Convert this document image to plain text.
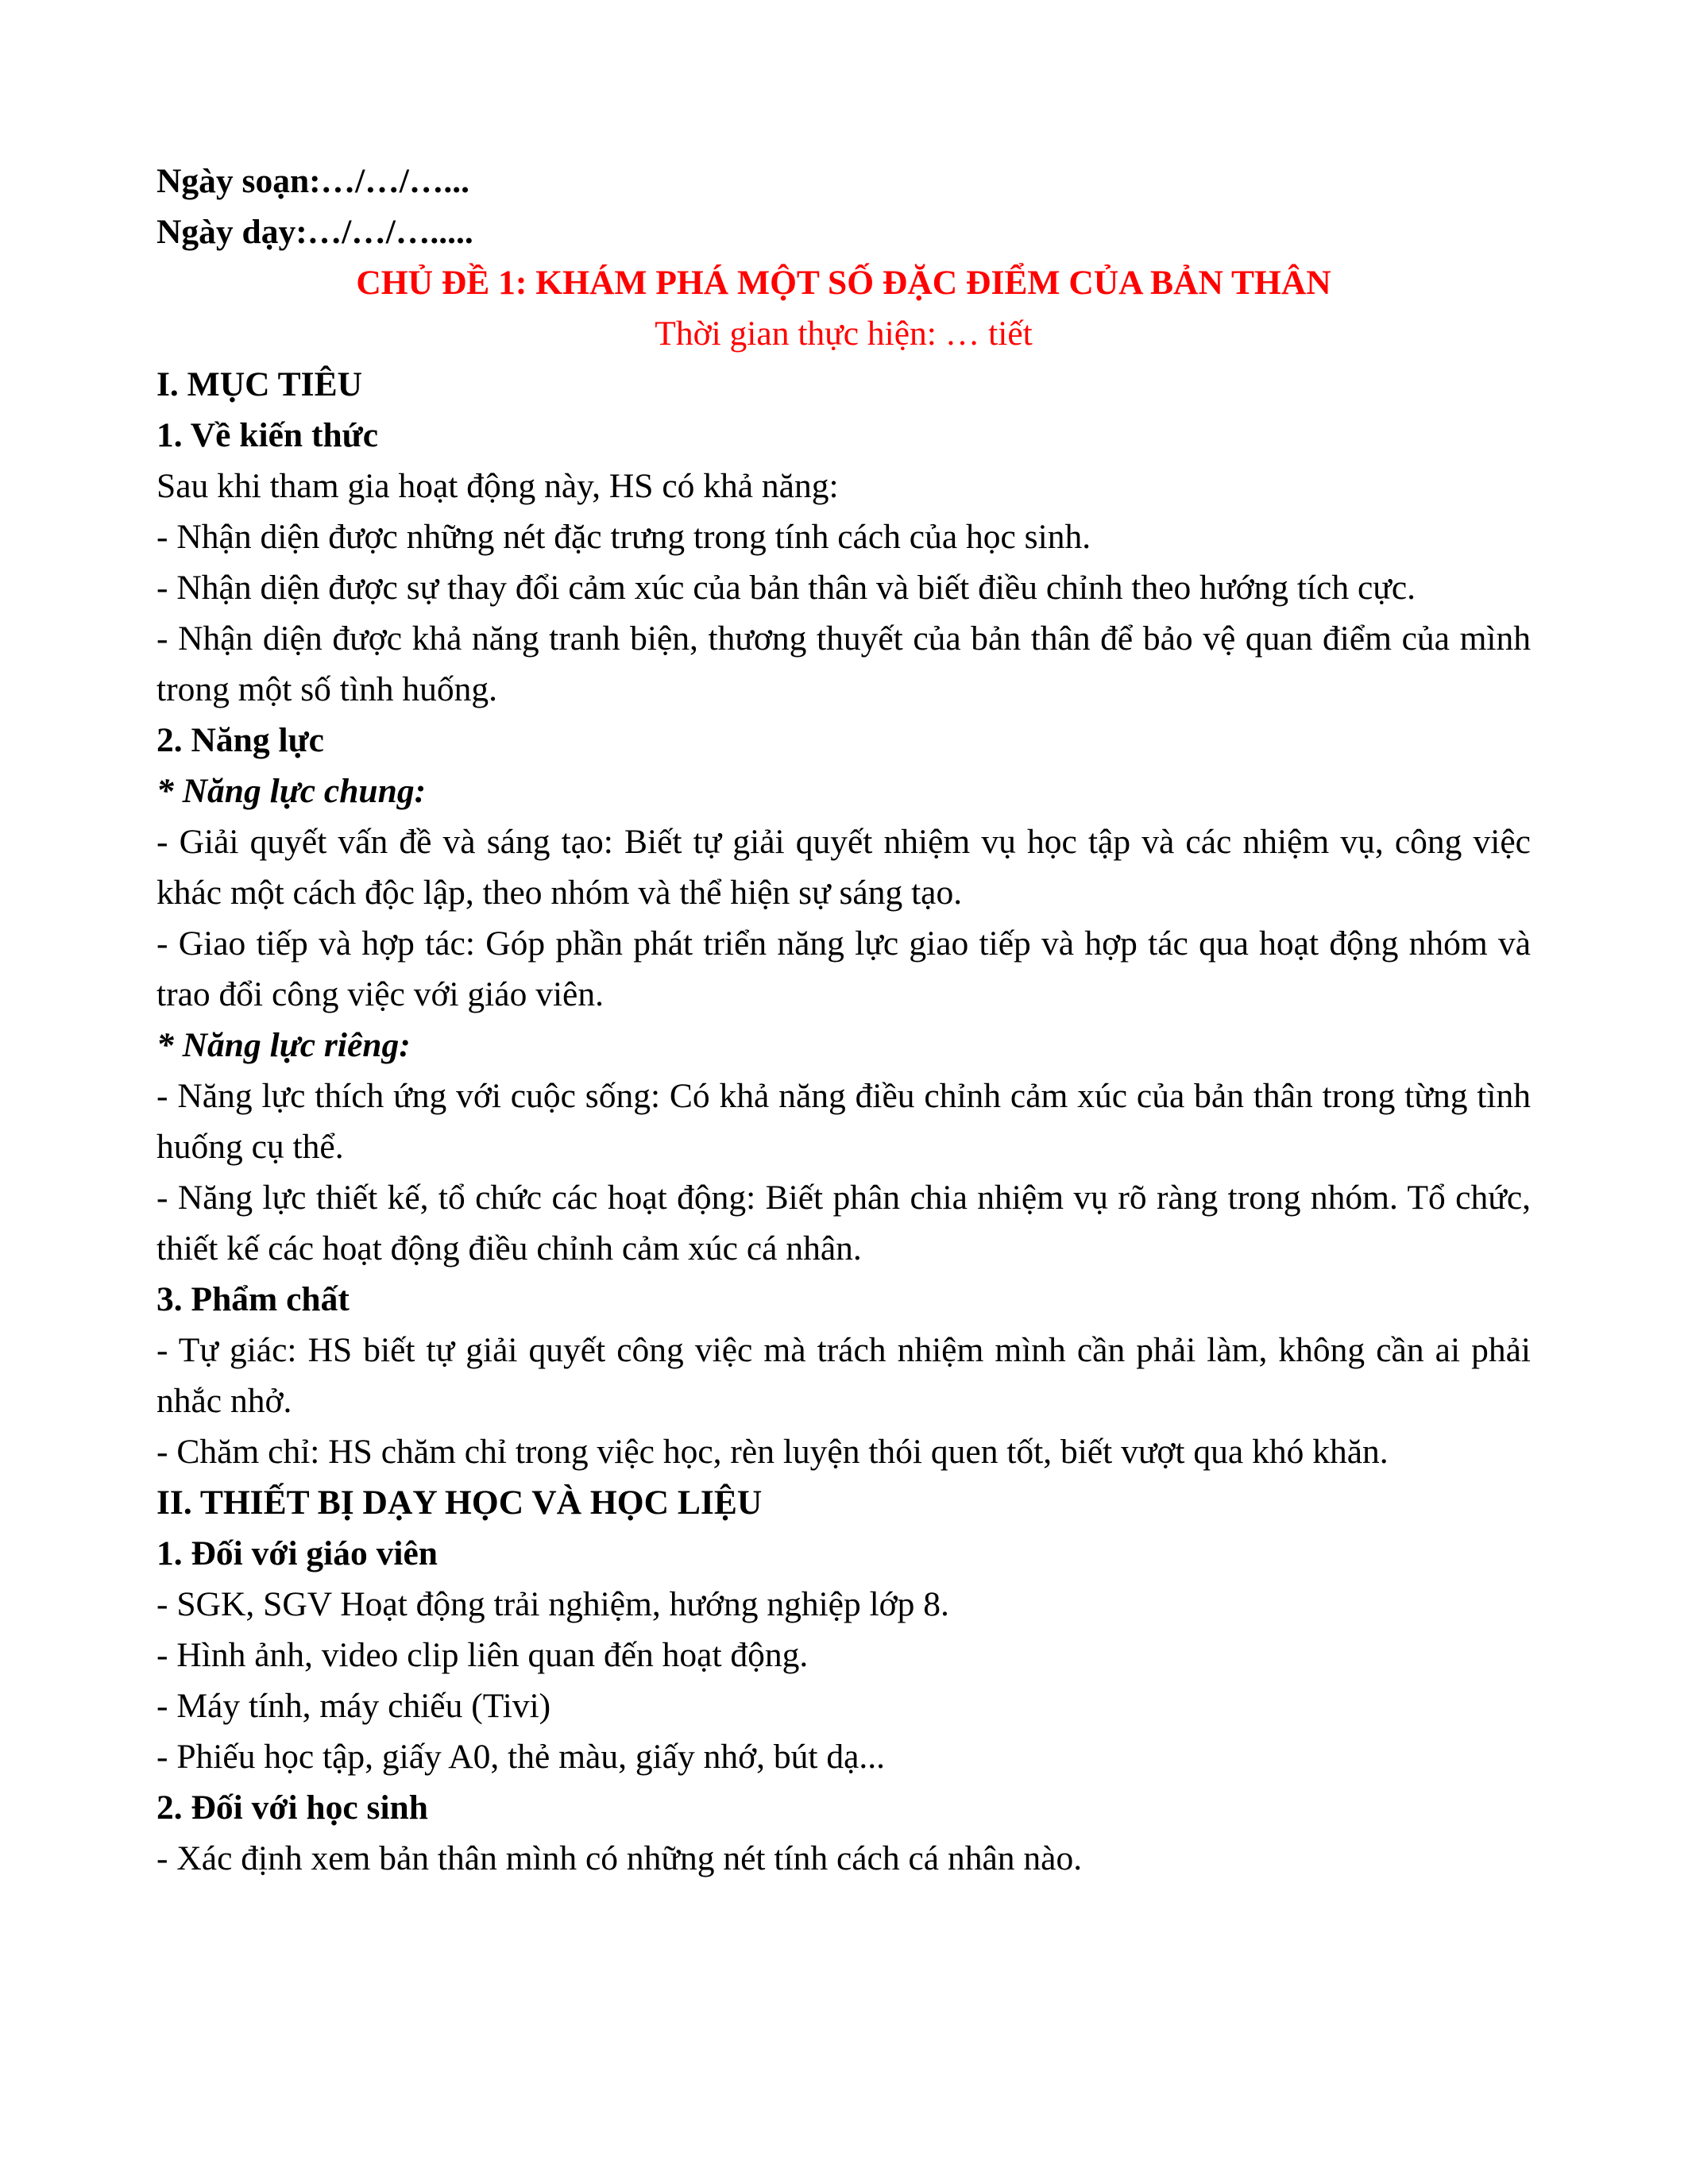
Ngày soạn:…/…/…...
Ngày dạy:…/…/….....
CHỦ ĐỀ 1: KHÁM PHÁ MỘT SỐ ĐẶC ĐIỂM CỦA BẢN THÂN
Thời gian thực hiện: … tiết
I. MỤC TIÊU
1. Về kiến thức
Sau khi tham gia hoạt động này, HS có khả năng:

- Nhận diện được những nét đặc trưng trong tính cách của học sinh.

- Nhận diện được sự thay đổi cảm xúc của bản thân và biết điều chỉnh theo hướng tích cực.

- Nhận diện được khả năng tranh biện, thương thuyết của bản thân để bảo vệ quan điểm của mình trong một số tình huống.

2. Năng lực
* Năng lực chung:

- Giải quyết vấn đề và sáng tạo: Biết tự giải quyết nhiệm vụ học tập và các nhiệm vụ, công việc khác một cách độc lập, theo nhóm và thể hiện sự sáng tạo.

- Giao tiếp và hợp tác: Góp phần phát triển năng lực giao tiếp và hợp tác qua hoạt động nhóm và trao đổi công việc với giáo viên.

* Năng lực riêng:

- Năng lực thích ứng với cuộc sống: Có khả năng điều chỉnh cảm xúc của bản thân trong từng tình huống cụ thể.

- Năng lực thiết kế, tổ chức các hoạt động: Biết phân chia nhiệm vụ rõ ràng trong nhóm. Tổ chức, thiết kế các hoạt động điều chỉnh cảm xúc cá nhân.

3. Phẩm chất

- Tự giác: HS biết tự giải quyết công việc mà trách nhiệm mình cần phải làm, không cần ai phải nhắc nhở.

- Chăm chỉ: HS chăm chỉ trong việc học, rèn luyện thói quen tốt, biết vượt qua khó khăn.

II. THIẾT BỊ DẠY HỌC VÀ HỌC LIỆU
1. Đối với giáo viên
- SGK, SGV Hoạt động trải nghiệm, hướng nghiệp lớp 8.
- Hình ảnh, video clip liên quan đến hoạt động.
- Máy tính, máy chiếu (Tivi)
- Phiếu học tập, giấy A0, thẻ màu, giấy nhớ, bút dạ...
2. Đối với học sinh
- Xác định xem bản thân mình có những nét tính cách cá nhân nào.
